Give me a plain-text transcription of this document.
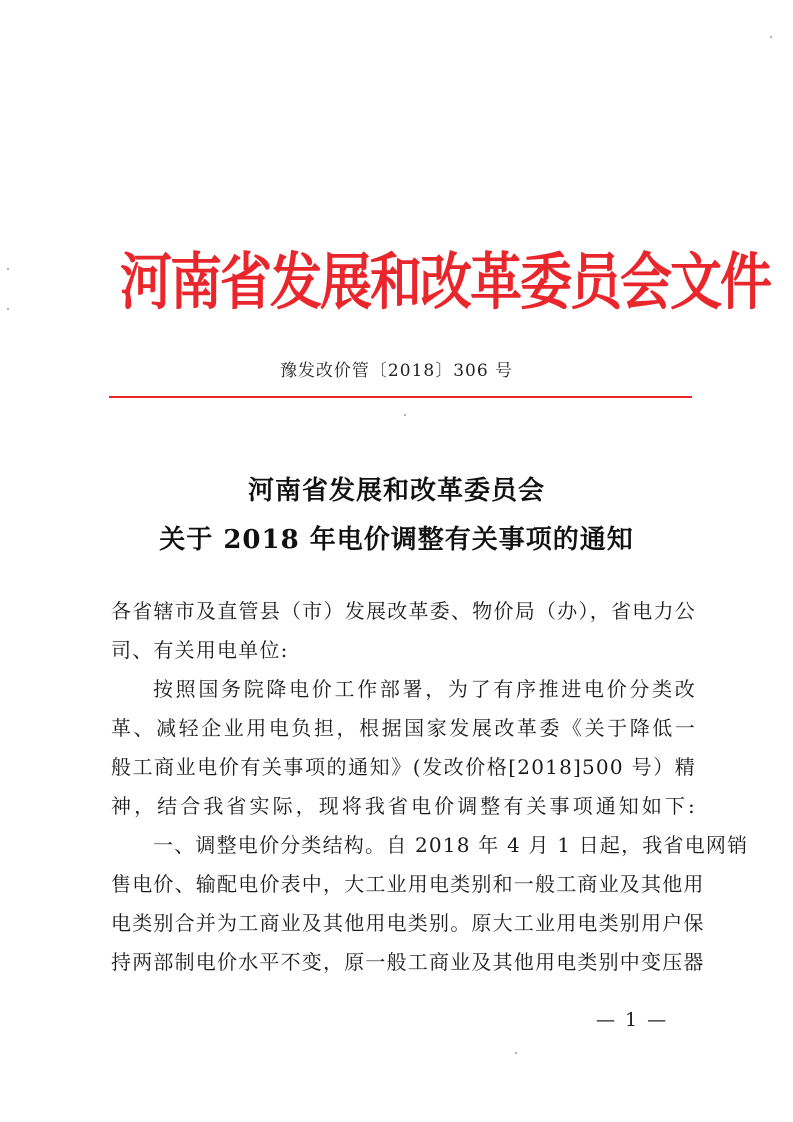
河南省发展和改革委员会文件
豫发改价管〔2018〕306 号
河南省发展和改革委员会
关于 2018 年电价调整有关事项的通知

各省辖市及直管县（市）发展改革委、物价局（办），省电力公
司、有关用电单位:

按照国务院降电价工作部署，为了有序推进电价分类改
革、减轻企业用电负担，根据国家发展改革委《关于降低一
般工商业电价有关事项的通知》(发改价格[2018]500 号）精
神，结合我省实际，现将我省电价调整有关事项通知如下:

一、调整电价分类结构。自 2018 年 4 月 1 日起，我省电网销
售电价、输配电价表中，大工业用电类别和一般工商业及其他用
电类别合并为工商业及其他用电类别。原大工业用电类别用户保
持两部制电价水平不变，原一般工商业及其他用电类别中变压器

— 1 —
